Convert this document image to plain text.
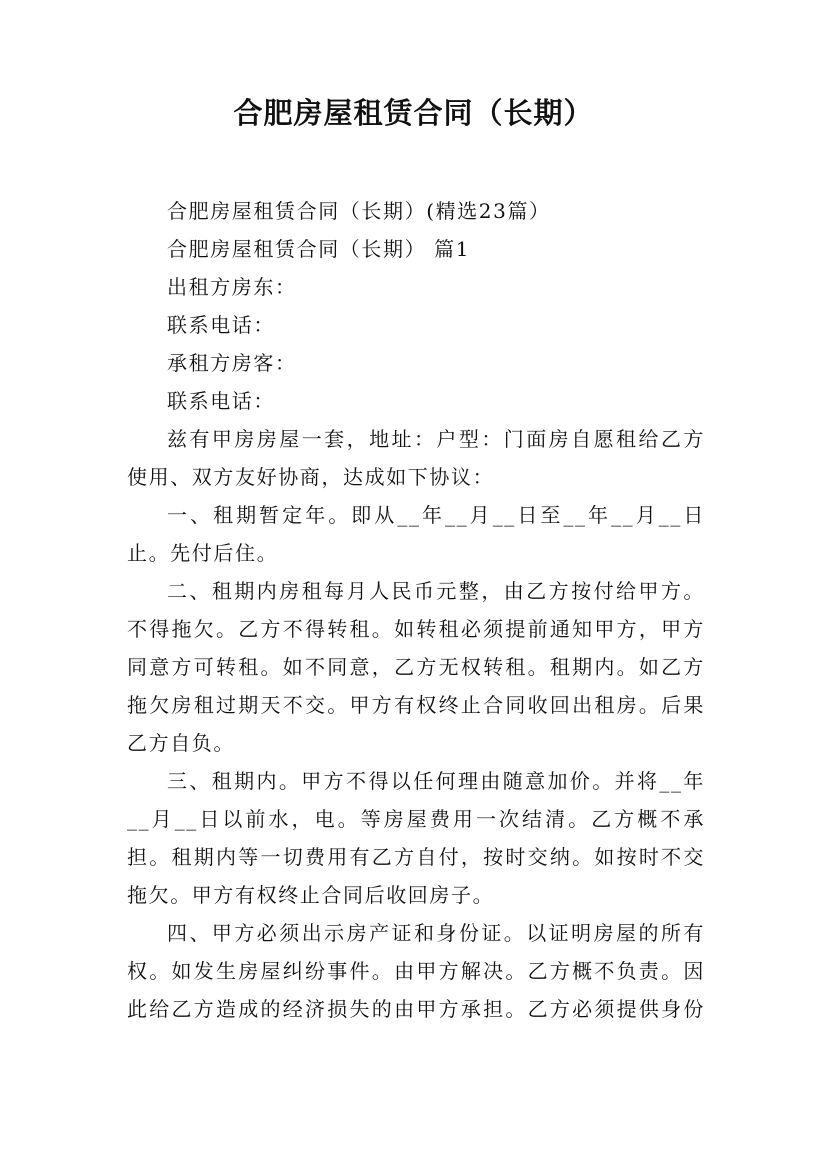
合肥房屋租赁合同（长期）

合肥房屋租赁合同（长期）(精选23篇）

合肥房屋租赁合同（长期） 篇1

出租方房东：

联系电话：

承租方房客：

联系电话：

兹有甲房房屋一套，地址：户型：门面房自愿租给乙方使用、双方友好协商，达成如下协议：

一、租期暂定年。即从__年__月__日至__年__月__日止。先付后住。

二、租期内房租每月人民币元整，由乙方按付给甲方。不得拖欠。乙方不得转租。如转租必须提前通知甲方，甲方同意方可转租。如不同意，乙方无权转租。租期内。如乙方拖欠房租过期天不交。甲方有权终止合同收回出租房。后果乙方自负。

三、租期内。甲方不得以任何理由随意加价。并将__年__月__日以前水，电。等房屋费用一次结清。乙方概不承担。租期内等一切费用有乙方自付，按时交纳。如按时不交拖欠。甲方有权终止合同后收回房子。

四、甲方必须出示房产证和身份证。以证明房屋的所有权。如发生房屋纠纷事件。由甲方解决。乙方概不负责。因此给乙方造成的经济损失的由甲方承担。乙方必须提供身份
